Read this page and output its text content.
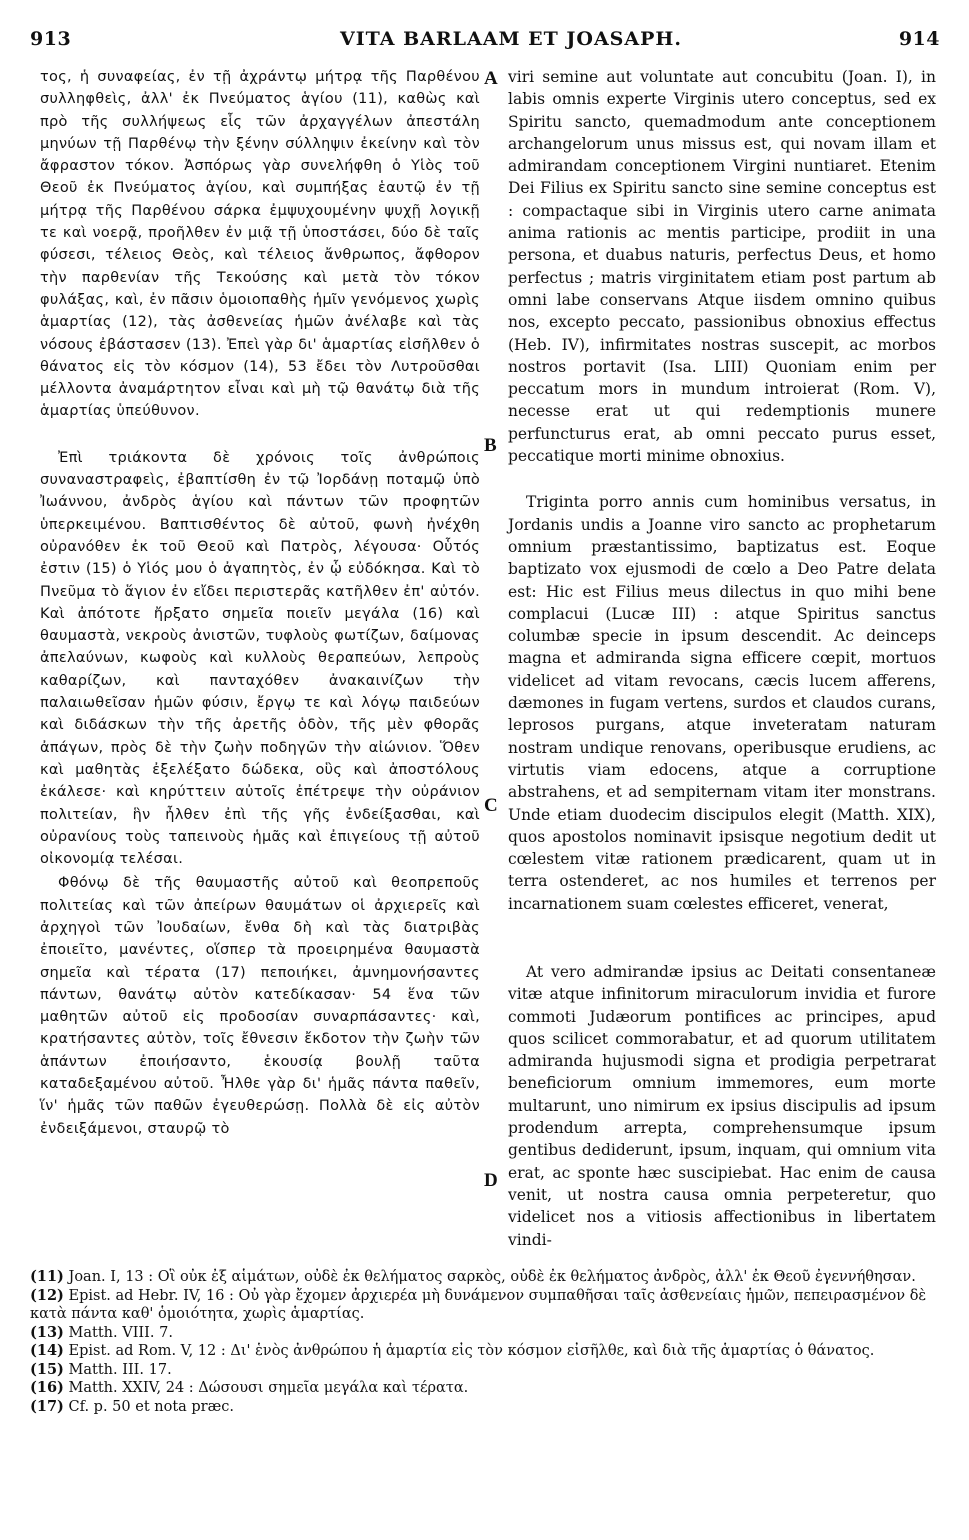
913	VITA BARLAAM ET JOASAPH.	914

τος, ἡ συναφείας, ἐν τῇ ἀχράντῳ μήτρᾳ τῆς Παρθένου συλληφθεὶς, ἀλλ' ἐκ Πνεύματος ἁγίου (11), καθὼς καὶ πρὸ τῆς συλλήψεως εἷς τῶν ἀρχαγγέλων ἀπεστάλη μηνύων τῇ Παρθένῳ τὴν ξένην σύλληψιν ἐκείνην καὶ τὸν ἄφραστον τόκον. Ἀσπόρως γὰρ συνελήφθη ὁ Υἱὸς τοῦ Θεοῦ ἐκ Πνεύματος ἁγίου, καὶ συμπήξας ἑαυτῷ ἐν τῇ μήτρᾳ τῆς Παρθένου σάρκα ἐμψυχουμένην ψυχῇ λογικῇ τε καὶ νοερᾷ, προῆλθεν ἐν μιᾷ τῇ ὑποστάσει, δύο δὲ ταῖς φύσεσι, τέλειος Θεὸς, καὶ τέλειος ἄνθρωπος, ἄφθορον τὴν παρθενίαν τῆς Τεκούσης καὶ μετὰ τὸν τόκον φυλάξας, καὶ, ἐν πᾶσιν ὁμοιοπαθὴς ἡμῖν γενόμενος χωρὶς ἁμαρτίας (12), τὰς ἀσθενείας ἡμῶν ἀνέλαβε καὶ τὰς νόσους ἐβάστασεν (13). Ἐπεὶ γὰρ δι' ἁμαρτίας εἰσῆλθεν ὁ θάνατος εἰς τὸν κόσμον (14), 53 ἔδει τὸν Λυτροῦσθαι μέλλοντα ἀναμάρτητον εἶναι καὶ μὴ τῷ θανάτῳ διὰ τῆς ἁμαρτίας ὑπεύθυνον.

Ἐπὶ τριάκοντα δὲ χρόνοις τοῖς ἀνθρώποις συναναστραφεὶς, ἐβαπτίσθη ἐν τῷ Ἰορδάνῃ ποταμῷ ὑπὸ Ἰωάννου, ἀνδρὸς ἁγίου καὶ πάντων τῶν προφητῶν ὑπερκειμένου. Βαπτισθέντος δὲ αὐτοῦ, φωνὴ ἠνέχθη οὐρανόθεν ἐκ τοῦ Θεοῦ καὶ Πατρὸς, λέγουσα· Οὗτός ἐστιν (15) ὁ Υἱός μου ὁ ἀγαπητὸς, ἐν ᾧ εὐδόκησα. Καὶ τὸ Πνεῦμα τὸ ἅγιον ἐν εἴδει περιστερᾶς κατῆλθεν ἐπ' αὐτόν. Καὶ ἀπότοτε ἤρξατο σημεῖα ποιεῖν μεγάλα (16) καὶ θαυμαστὰ, νεκροὺς ἀνιστῶν, τυφλοὺς φωτίζων, δαίμονας ἀπελαύνων, κωφοὺς καὶ κυλλοὺς θεραπεύων, λεπροὺς καθαρίζων, καὶ πανταχόθεν ἀνακαινίζων τὴν παλαιωθεῖσαν ἡμῶν φύσιν, ἔργῳ τε καὶ λόγῳ παιδεύων καὶ διδάσκων τὴν τῆς ἀρετῆς ὁδὸν, τῆς μὲν φθορᾶς ἀπάγων, πρὸς δὲ τὴν ζωὴν ποδηγῶν τὴν αἰώνιον. Ὅθεν καὶ μαθητὰς ἐξελέξατο δώδεκα, οὓς καὶ ἀποστόλους ἐκάλεσε· καὶ κηρύττειν αὐτοῖς ἐπέτρεψε τὴν οὐράνιον πολιτείαν, ἣν ἦλθεν ἐπὶ τῆς γῆς ἐνδείξασθαι, καὶ οὐρανίους τοὺς ταπεινοὺς ἡμᾶς καὶ ἐπιγείους τῇ αὐτοῦ οἰκονομίᾳ τελέσαι.

Φθόνῳ δὲ τῆς θαυμαστῆς αὐτοῦ καὶ θεοπρεποῦς πολιτείας καὶ τῶν ἀπείρων θαυμάτων οἱ ἀρχιερεῖς καὶ ἀρχηγοὶ τῶν Ἰουδαίων, ἔνθα δὴ καὶ τὰς διατριβὰς ἐποιεῖτο, μανέντες, οἵσπερ τὰ προειρημένα θαυμαστὰ σημεῖα καὶ τέρατα (17) πεποιήκει, ἀμνημονήσαντες πάντων, θανάτῳ αὐτὸν κατεδίκασαν· 54 ἕνα τῶν μαθητῶν αὐτοῦ εἰς προδοσίαν συναρπάσαντες· καὶ, κρατήσαντες αὐτὸν, τοῖς ἔθνεσιν ἔκδοτον τὴν ζωὴν τῶν ἁπάντων ἐποιήσαντο, ἑκουσίᾳ βουλῇ ταῦτα καταδεξαμένου αὐτοῦ. Ἦλθε γὰρ δι' ἡμᾶς πάντα παθεῖν, ἵν' ἡμᾶς τῶν παθῶν ἐγευθερώσῃ. Πολλὰ δὲ εἰς αὐτὸν ἐνδειξάμενοι, σταυρῷ τὸ

A
B
C
D

viri semine aut voluntate aut concubitu (Joan. I), in labis omnis experte Virginis utero conceptus, sed ex Spiritu sancto, quemadmodum ante conceptionem archangelorum unus missus est, qui novam illam et admirandam conceptionem Virgini nuntiaret. Etenim Dei Filius ex Spiritu sancto sine semine conceptus est : compactaque sibi in Virginis utero carne animata anima rationis ac mentis participe, prodiit in una persona, et duabus naturis, perfectus Deus, et homo perfectus ; matris virginitatem etiam post partum ab omni labe conservans Atque iisdem omnino quibus nos, excepto peccato, passionibus obnoxius effectus (Heb. IV), infirmitates nostras suscepit, ac morbos nostros portavit (Isa. LIII) Quoniam enim per peccatum mors in mundum introierat (Rom. V), necesse erat ut qui redemptionis munere perfuncturus erat, ab omni peccato purus esset, peccatique morti minime obnoxius.

Triginta porro annis cum hominibus versatus, in Jordanis undis a Joanne viro sancto ac prophetarum omnium præstantissimo, baptizatus est. Eoque baptizato vox ejusmodi de cœlo a Deo Patre delata est: Hic est Filius meus dilectus in quo mihi bene complacui (Lucæ III) : atque Spiritus sanctus columbæ specie in ipsum descendit. Ac deinceps magna et admiranda signa efficere cœpit, mortuos videlicet ad vitam revocans, cæcis lucem afferens, dæmones in fugam vertens, surdos et claudos curans, leprosos purgans, atque inveteratam naturam nostram undique renovans, operibusque erudiens, ac virtutis viam edocens, atque a corruptione abstrahens, et ad sempiternam vitam iter monstrans. Unde etiam duodecim discipulos elegit (Matth. XIX), quos apostolos nominavit ipsisque negotium dedit ut cœlestem vitæ rationem prædicarent, quam ut in terra ostenderet, ac nos humiles et terrenos per incarnationem suam cœlestes efficeret, venerat,

At vero admirandæ ipsius ac Deitati consentaneæ vitæ atque infinitorum miraculorum invidia et furore commoti Judæorum pontifices ac principes, apud quos scilicet commorabatur, et ad quorum utilitatem admiranda hujusmodi signa et prodigia perpetrarat beneficiorum omnium immemores, eum morte multarunt, uno nimirum ex ipsius discipulis ad ipsum prodendum arrepta, comprehensumque ipsum gentibus dediderunt, ipsum, inquam, qui omnium vita erat, ac sponte hæc suscipiebat. Hac enim de causa venit, ut nostra causa omnia perpeteretur, quo videlicet nos a vitiosis affectionibus in libertatem vindi-

(11) Joan. I, 13 : Οἳ οὐκ ἐξ αἱμάτων, οὐδὲ ἐκ θελήματος σαρκὸς, οὐδὲ ἐκ θελήματος ἀνδρὸς, ἀλλ' ἐκ Θεοῦ ἐγεννήθησαν.

(12) Epist. ad Hebr. IV, 16 : Οὐ γὰρ ἔχομεν ἀρχιερέα μὴ δυνάμενον συμπαθῆσαι ταῖς ἀσθενείαις ἡμῶν, πεπειρασμένον δὲ κατὰ πάντα καθ' ὁμοιότητα, χωρὶς ἁμαρτίας.

(13) Matth. VIII. 7.

(14) Epist. ad Rom. V, 12 : Δι' ἑνὸς ἀνθρώπου ἡ ἁμαρτία εἰς τὸν κόσμον εἰσῆλθε, καὶ διὰ τῆς ἁμαρτίας ὁ θάνατος.

(15) Matth. III. 17.

(16) Matth. XXIV, 24 : Δώσουσι σημεῖα μεγάλα καὶ τέρατα.

(17) Cf. p. 50 et nota præc.
